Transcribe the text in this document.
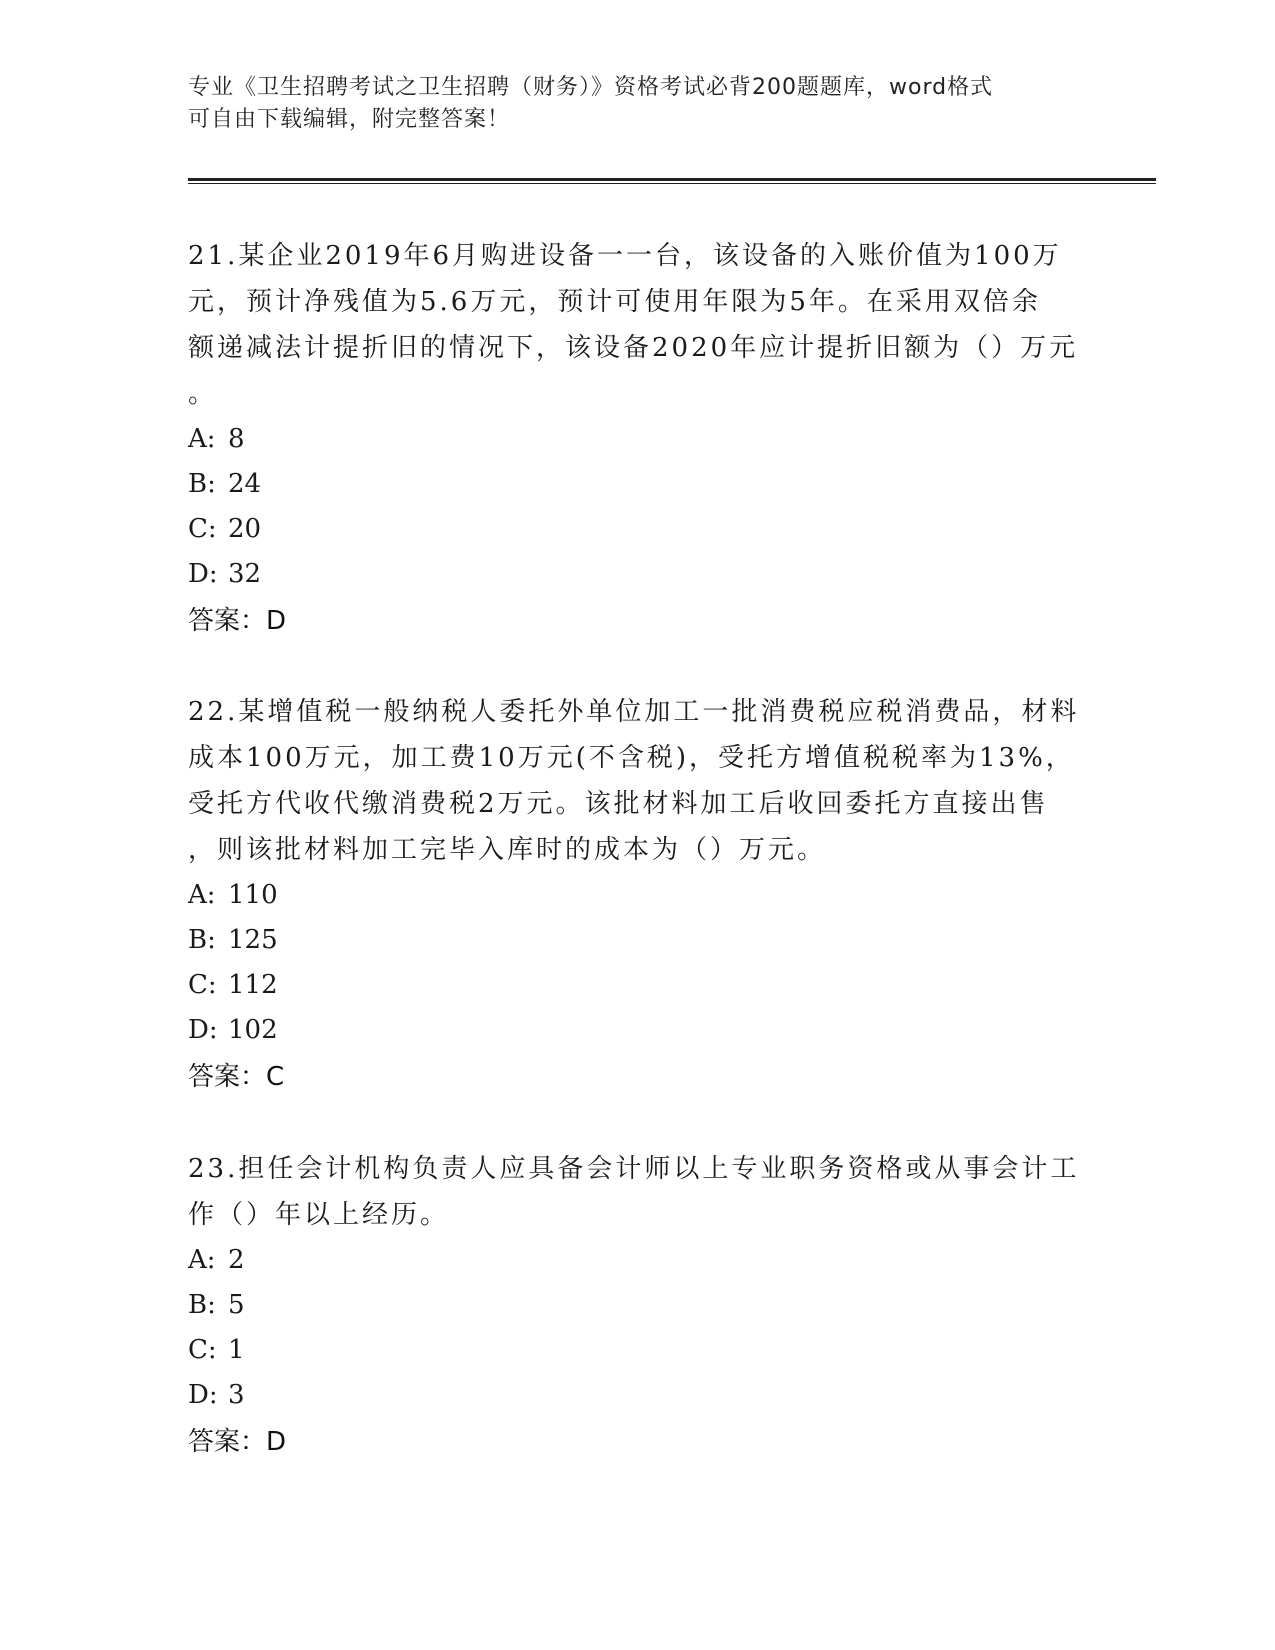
专业《卫生招聘考试之卫生招聘（财务）》资格考试必背200题题库，word格式
可自由下载编辑，附完整答案！

21.某企业2019年6月购进设备一一台，该设备的入账价值为100万

元，预计净残值为5.6万元，预计可使用年限为5年。在采用双倍余

额递减法计提折旧的情况下，该设备2020年应计提折旧额为（）万元

。

A: 8

B: 24

C: 20

D: 32

答案：D

22.某增值税一般纳税人委托外单位加工一批消费税应税消费品，材料

成本100万元，加工费10万元(不含税)，受托方增值税税率为13%，

受托方代收代缴消费税2万元。该批材料加工后收回委托方直接出售

，则该批材料加工完毕入库时的成本为（）万元。

A: 110

B: 125

C: 112

D: 102

答案：C

23.担任会计机构负责人应具备会计师以上专业职务资格或从事会计工

作（）年以上经历。

A: 2

B: 5

C: 1

D: 3

答案：D
